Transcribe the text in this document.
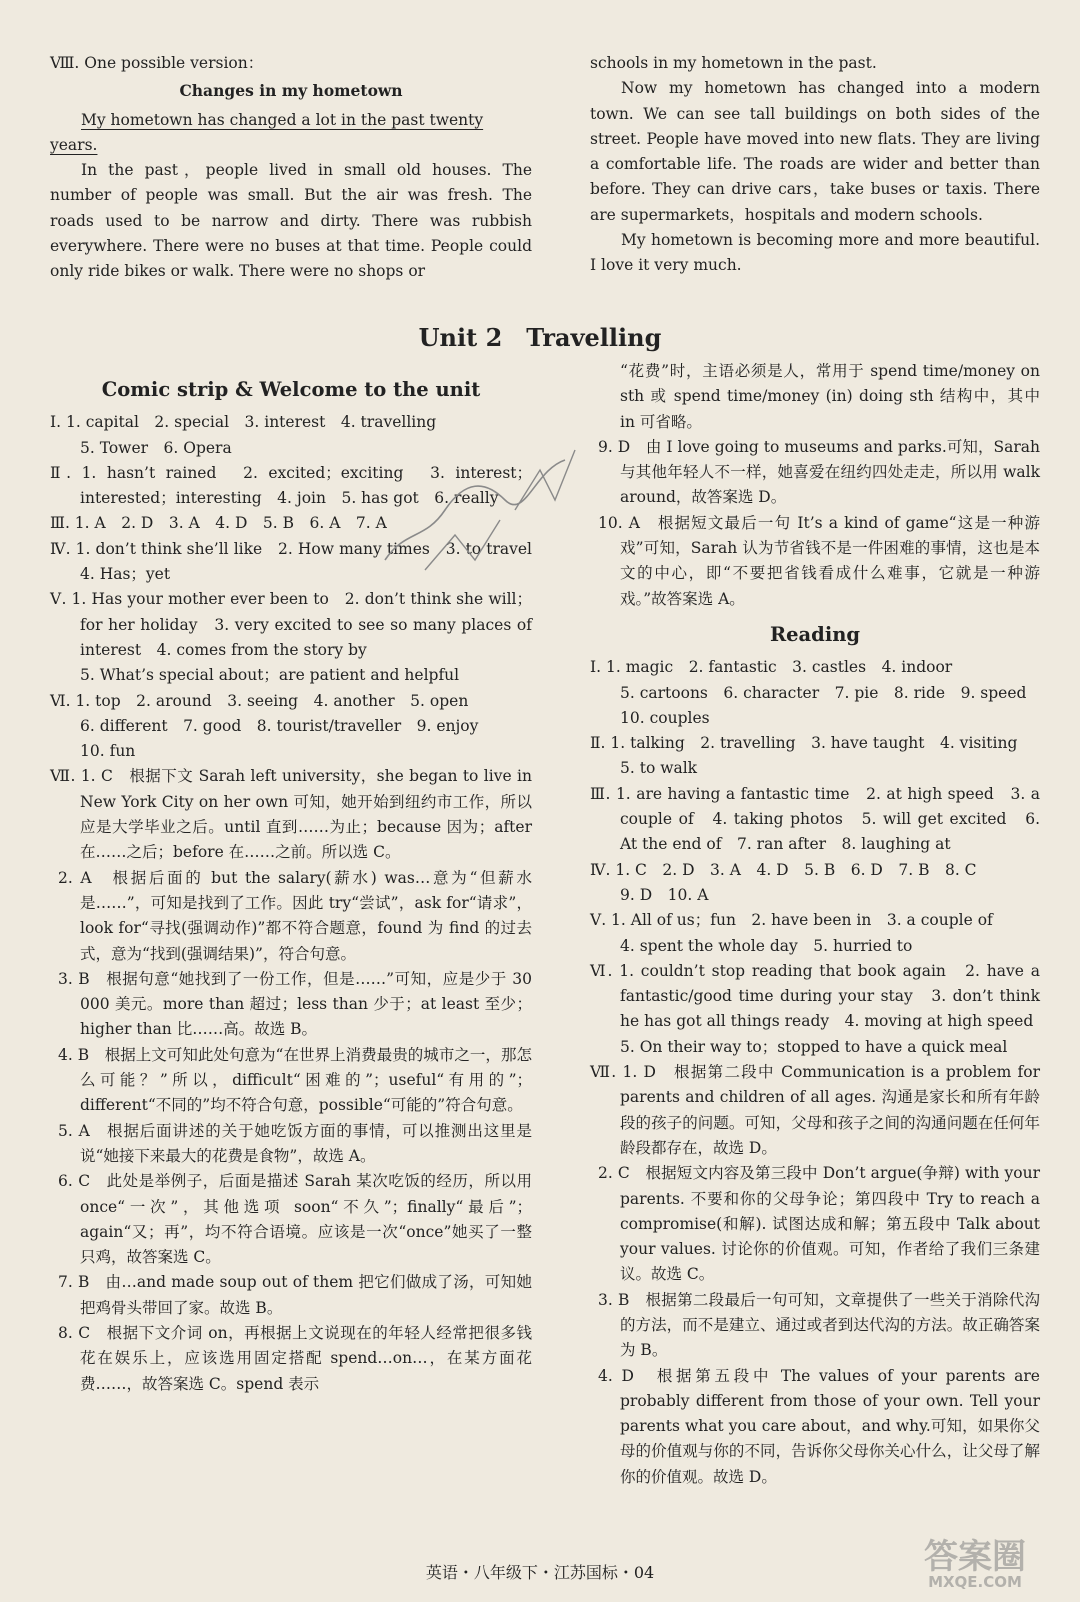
Ⅷ. One possible version：

Changes in my hometown

My hometown has changed a lot in the past twenty years.

In the past，people lived in small old houses. The number of people was small. But the air was fresh. The roads used to be narrow and dirty. There was rubbish everywhere. There were no buses at that time. People could only ride bikes or walk. There were no shops or

schools in my hometown in the past.

Now my hometown has changed into a modern town. We can see tall buildings on both sides of the street. People have moved into new flats. They are living a comfortable life. The roads are wider and better than before. They can drive cars，take buses or taxis. There are supermarkets，hospitals and modern schools.

My hometown is becoming more and more beautiful. I love it very much.

Unit 2　Travelling
Comic strip & Welcome to the unit

Ⅰ. 1. capital　2. special　3. interest　4. travelling

5. Tower　6. Opera

Ⅱ. 1. hasn’t rained　2. excited；exciting　3. interest；interested；interesting　4. join　5. has got　6. really

Ⅲ. 1. A　2. D　3. A　4. D　5. B　6. A　7. A

Ⅳ. 1. don’t think she’ll like　2. How many times　3. to travel　4. Has；yet

Ⅴ. 1. Has your mother ever been to　2. don’t think she will；for her holiday　3. very excited to see so many places of interest　4. comes from the story by

5. What’s special about；are patient and helpful

Ⅵ. 1. top　2. around　3. seeing　4. another　5. open

6. different　7. good　8. tourist/traveller　9. enjoy

10. fun

Ⅶ. 1. C　根据下文 Sarah left university，she began to live in New York City on her own 可知，她开始到纽约市工作，所以应是大学毕业之后。until 直到……为止；because 因为；after 在……之后；before 在……之前。所以选 C。

2. A　根据后面的 but the salary(薪水) was…意为“但薪水是……”，可知是找到了工作。因此 try“尝试”，ask for“请求”，look for“寻找(强调动作)”都不符合题意，found 为 find 的过去式，意为“找到(强调结果)”，符合句意。

3. B　根据句意“她找到了一份工作，但是……”可知，应是少于 30 000 美元。more than 超过；less than 少于；at least 至少；higher than 比……高。故选 B。

4. B　根据上文可知此处句意为“在世界上消费最贵的城市之一，那怎么可能？”所以，difficult“困难的”；useful“有用的”；different“不同的”均不符合句意，possible“可能的”符合句意。

5. A　根据后面讲述的关于她吃饭方面的事情，可以推测出这里是说“她接下来最大的花费是食物”，故选 A。

6. C　此处是举例子，后面是描述 Sarah 某次吃饭的经历，所以用 once“一次”，其他选项 soon“不久”；finally“最后”；again“又；再”，均不符合语境。应该是一次“once”她买了一整只鸡，故答案选 C。

7. B　由…and made soup out of them 把它们做成了汤，可知她把鸡骨头带回了家。故选 B。

8. C　根据下文介词 on，再根据上文说现在的年轻人经常把很多钱花在娱乐上，应该选用固定搭配 spend…on…，在某方面花费……，故答案选 C。spend 表示

“花费”时，主语必须是人，常用于 spend time/money on sth 或 spend time/money (in) doing sth 结构中，其中 in 可省略。

9. D　由 I love going to museums and parks.可知，Sarah 与其他年轻人不一样，她喜爱在纽约四处走走，所以用 walk around，故答案选 D。

10. A　根据短文最后一句 It’s a kind of game“这是一种游戏”可知，Sarah 认为节省钱不是一件困难的事情，这也是本文的中心，即“不要把省钱看成什么难事，它就是一种游戏。”故答案选 A。

Reading

Ⅰ. 1. magic　2. fantastic　3. castles　4. indoor

5. cartoons　6. character　7. pie　8. ride　9. speed

10. couples

Ⅱ. 1. talking　2. travelling　3. have taught　4. visiting

5. to walk

Ⅲ. 1. are having a fantastic time　2. at high speed　3. a couple of　4. taking photos　5. will get excited　6. At the end of　7. ran after　8. laughing at

Ⅳ. 1. C　2. D　3. A　4. D　5. B　6. D　7. B　8. C

9. D　10. A

Ⅴ. 1. All of us；fun　2. have been in　3. a couple of

4. spent the whole day　5. hurried to

Ⅵ. 1. couldn’t stop reading that book again　2. have a fantastic/good time during your stay　3. don’t think he has got all things ready　4. moving at high speed

5. On their way to；stopped to have a quick meal

Ⅶ. 1. D　根据第二段中 Communication is a problem for parents and children of all ages. 沟通是家长和所有年龄段的孩子的问题。可知，父母和孩子之间的沟通问题在任何年龄段都存在，故选 D。

2. C　根据短文内容及第三段中 Don’t argue(争辩) with your parents. 不要和你的父母争论；第四段中 Try to reach a compromise(和解). 试图达成和解；第五段中 Talk about your values. 讨论你的价值观。可知，作者给了我们三条建议。故选 C。

3. B　根据第二段最后一句可知，文章提供了一些关于消除代沟的方法，而不是建立、通过或者到达代沟的方法。故正确答案为 B。

4. D　根据第五段中 The values of your parents are probably different from those of your own. Tell your parents what you care about，and why.可知，如果你父母的价值观与你的不同，告诉你父母你关心什么，让父母了解你的价值观。故选 D。

英语・八年级下・江苏国标・04	答案圈
MXQE.COM
